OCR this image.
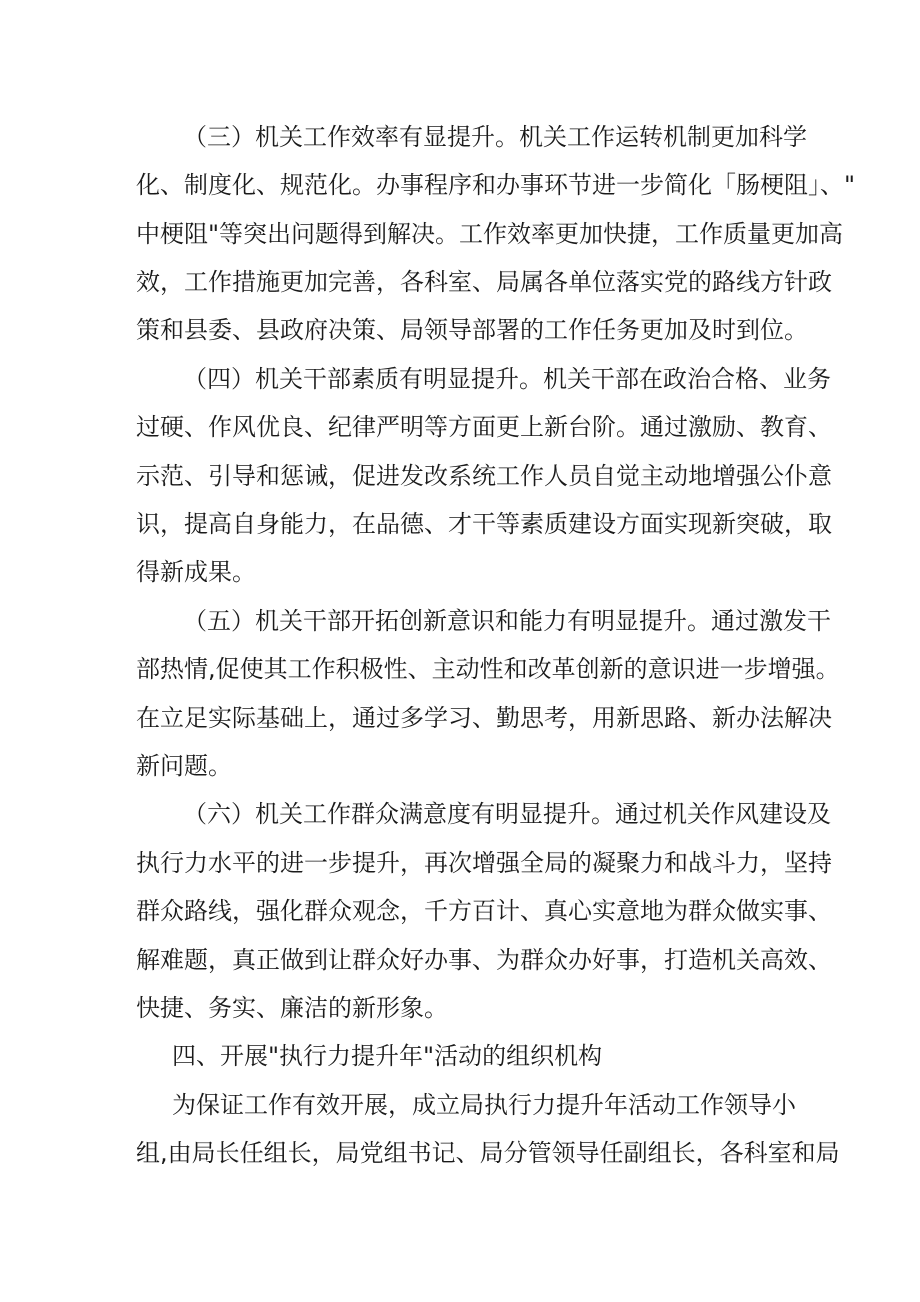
（三）机关工作效率有显提升。机关工作运转机制更加科学
化、制度化、规范化。办事程序和办事环节进一步简化「肠梗阻」、"
中梗阻"等突出问题得到解决。工作效率更加快捷，工作质量更加高
效，工作措施更加完善，各科室、局属各单位落实党的路线方针政
策和县委、县政府决策、局领导部署的工作任务更加及时到位。
（四）机关干部素质有明显提升。机关干部在政治合格、业务
过硬、作风优良、纪律严明等方面更上新台阶。通过激励、教育、
示范、引导和惩诫，促进发改系统工作人员自觉主动地增强公仆意
识，提高自身能力，在品德、才干等素质建设方面实现新突破，取
得新成果。
（五）机关干部开拓创新意识和能力有明显提升。通过激发干
部热情,促使其工作积极性、主动性和改革创新的意识进一步增强。
在立足实际基础上，通过多学习、勤思考，用新思路、新办法解决
新问题。
（六）机关工作群众满意度有明显提升。通过机关作风建设及
执行力水平的进一步提升，再次增强全局的凝聚力和战斗力，坚持
群众路线，强化群众观念，千方百计、真心实意地为群众做实事、
解难题，真正做到让群众好办事、为群众办好事，打造机关高效、
快捷、务实、廉洁的新形象。
四、开展"执行力提升年"活动的组织机构
为保证工作有效开展，成立局执行力提升年活动工作领导小
组,由局长任组长，局党组书记、局分管领导任副组长，各科室和局
